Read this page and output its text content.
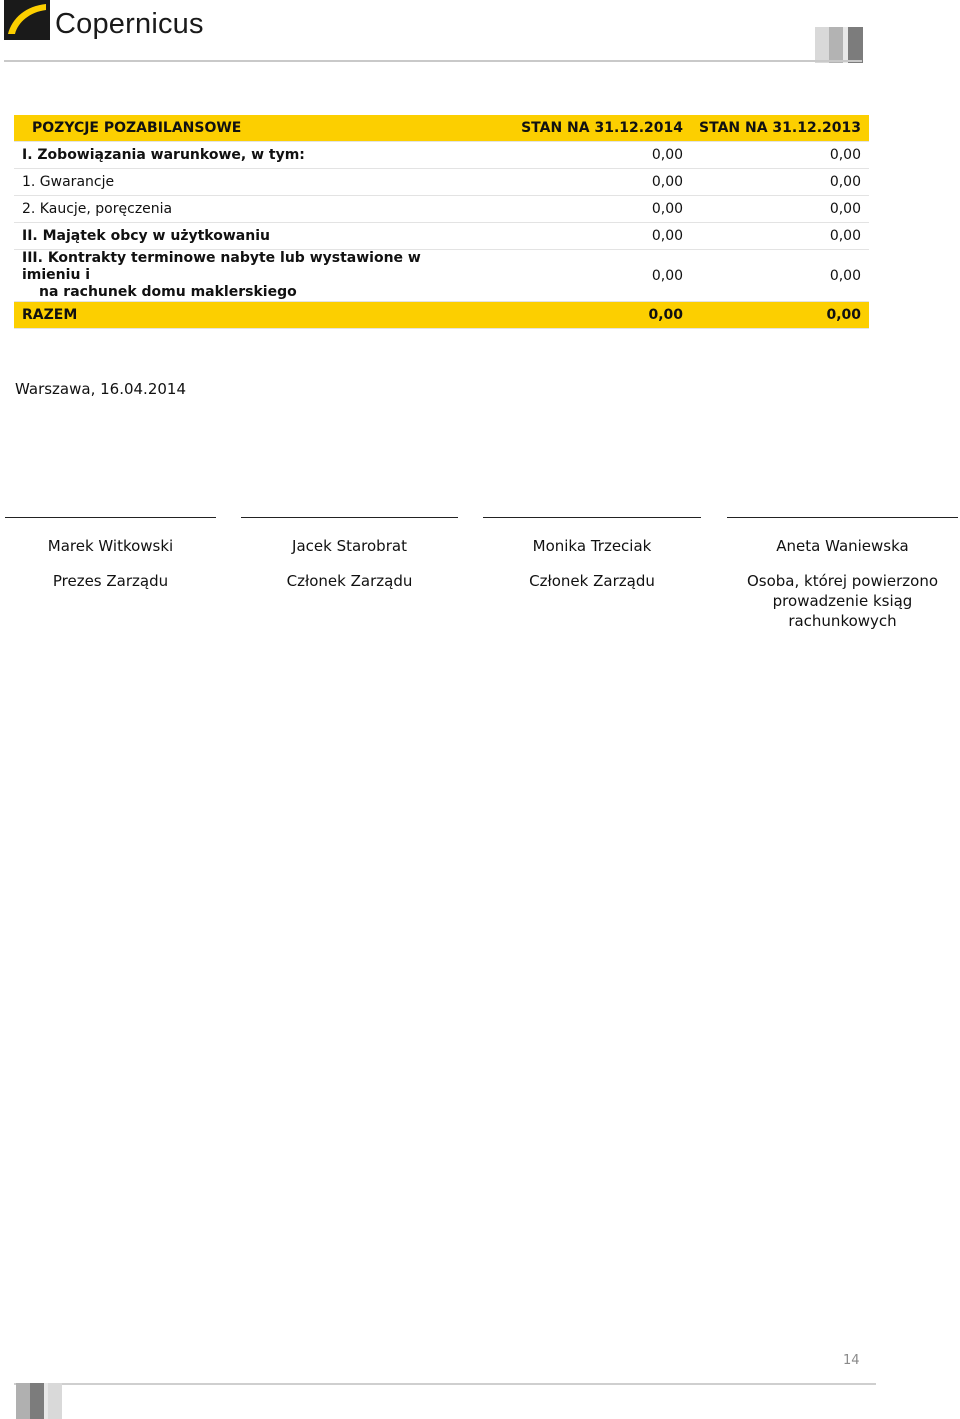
Copernicus
POZYCJE POZABILANSOWE	STAN NA 31.12.2014	STAN NA 31.12.2013
I. Zobowiązania warunkowe, w tym:	0,00	0,00
1. Gwarancje	0,00	0,00
2. Kaucje, poręczenia	0,00	0,00
II. Majątek obcy w użytkowaniu	0,00	0,00

III. Kontrakty terminowe nabyte lub wystawione w imieniu i
na rachunek domu maklerskiego	0,00	0,00
RAZEM	0,00	0,00
Warszawa, 16.04.2014
Marek Witkowski
Prezes Zarządu
Jacek Starobrat
Członek Zarządu
Monika Trzeciak
Członek Zarządu
Aneta Waniewska
Osoba, której powierzono
prowadzenie ksiąg
rachunkowych
14
